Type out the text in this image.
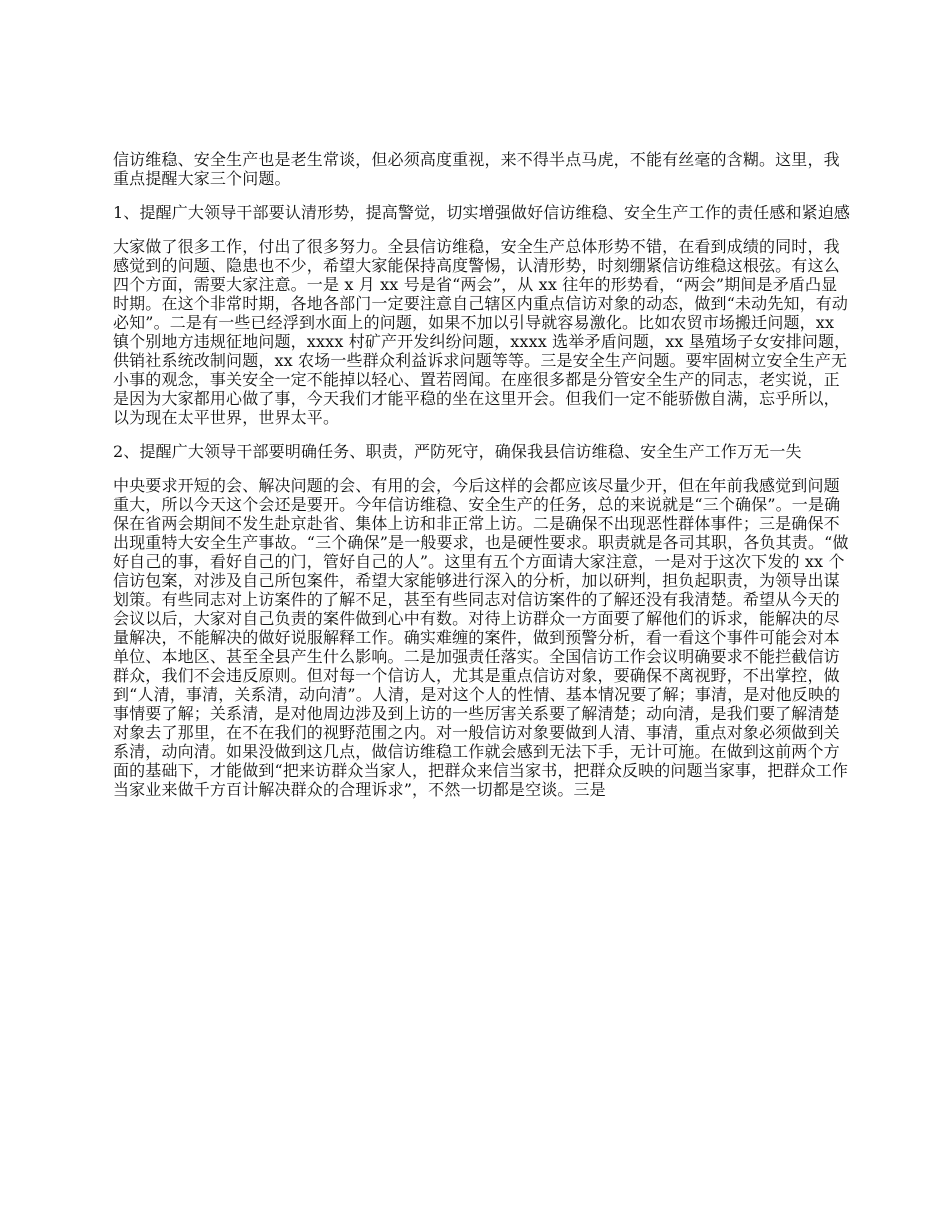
信访维稳、安全生产也是老生常谈，但必须高度重视，来不得半点马虎，不能有丝毫的含糊。这里，我重点提醒大家三个问题。

1、提醒广大领导干部要认清形势，提高警觉，切实增强做好信访维稳、安全生产工作的责任感和紧迫感

大家做了很多工作，付出了很多努力。全县信访维稳，安全生产总体形势不错，在看到成绩的同时，我感觉到的问题、隐患也不少，希望大家能保持高度警惕，认清形势，时刻绷紧信访维稳这根弦。有这么四个方面，需要大家注意。一是 x 月 xx 号是省“两会”，从 xx 往年的形势看，“两会”期间是矛盾凸显时期。在这个非常时期，各地各部门一定要注意自己辖区内重点信访对象的动态，做到“未动先知，有动必知”。二是有一些已经浮到水面上的问题，如果不加以引导就容易激化。比如农贸市场搬迁问题，xx 镇个别地方违规征地问题，xxxx 村矿产开发纠纷问题，xxxx 选举矛盾问题，xx 垦殖场子女安排问题，供销社系统改制问题，xx 农场一些群众利益诉求问题等等。三是安全生产问题。要牢固树立安全生产无小事的观念，事关安全一定不能掉以轻心、置若罔闻。在座很多都是分管安全生产的同志，老实说，正是因为大家都用心做了事，今天我们才能平稳的坐在这里开会。但我们一定不能骄傲自满，忘乎所以，以为现在太平世界，世界太平。

2、提醒广大领导干部要明确任务、职责，严防死守，确保我县信访维稳、安全生产工作万无一失

中央要求开短的会、解决问题的会、有用的会，今后这样的会都应该尽量少开，但在年前我感觉到问题重大，所以今天这个会还是要开。今年信访维稳、安全生产的任务，总的来说就是“三个确保”。一是确保在省两会期间不发生赴京赴省、集体上访和非正常上访。二是确保不出现恶性群体事件；三是确保不出现重特大安全生产事故。“三个确保”是一般要求，也是硬性要求。职责就是各司其职，各负其责。“做好自己的事，看好自己的门，管好自己的人”。这里有五个方面请大家注意，一是对于这次下发的 xx 个信访包案，对涉及自己所包案件，希望大家能够进行深入的分析，加以研判，担负起职责，为领导出谋划策。有些同志对上访案件的了解不足，甚至有些同志对信访案件的了解还没有我清楚。希望从今天的会议以后，大家对自己负责的案件做到心中有数。对待上访群众一方面要了解他们的诉求，能解决的尽量解决，不能解决的做好说服解释工作。确实难缠的案件，做到预警分析，看一看这个事件可能会对本单位、本地区、甚至全县产生什么影响。二是加强责任落实。全国信访工作会议明确要求不能拦截信访群众，我们不会违反原则。但对每一个信访人，尤其是重点信访对象，要确保不离视野，不出掌控，做到“人清，事清，关系清，动向清”。人清，是对这个人的性情、基本情况要了解；事清，是对他反映的事情要了解；关系清，是对他周边涉及到上访的一些厉害关系要了解清楚；动向清，是我们要了解清楚对象去了那里，在不在我们的视野范围之内。对一般信访对象要做到人清、事清，重点对象必须做到关系清，动向清。如果没做到这几点，做信访维稳工作就会感到无法下手，无计可施。在做到这前两个方面的基础下，才能做到“把来访群众当家人，把群众来信当家书，把群众反映的问题当家事，把群众工作当家业来做千方百计解决群众的合理诉求”，不然一切都是空谈。三是
